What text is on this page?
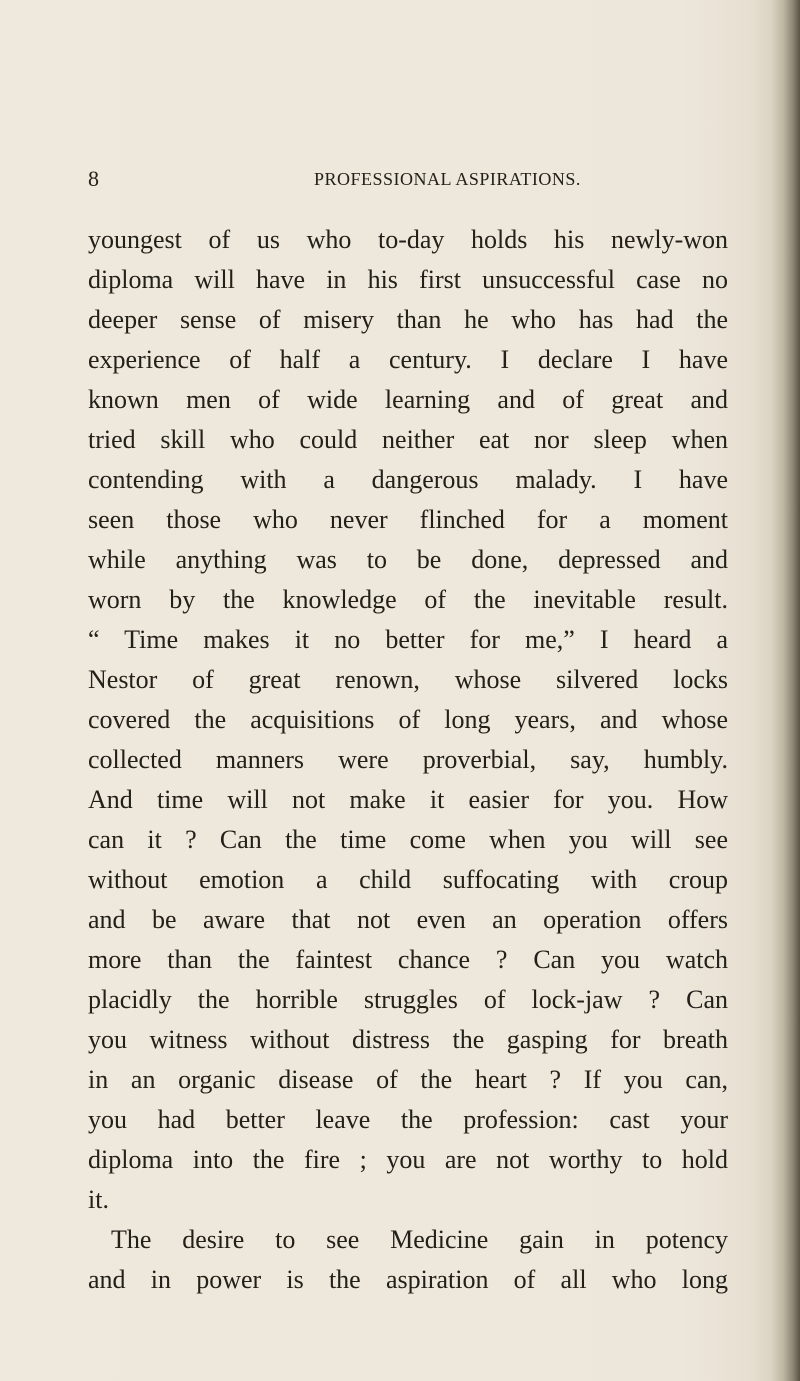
8	PROFESSIONAL ASPIRATIONS.
youngest of us who to-day holds his newly-won
diploma will have in his first unsuccessful case no
deeper sense of misery than he who has had the
experience of half a century. I declare I have
known men of wide learning and of great and
tried skill who could neither eat nor sleep when
contending with a dangerous malady. I have
seen those who never flinched for a moment
while anything was to be done, depressed and
worn by the knowledge of the inevitable result.
“ Time makes it no better for me,” I heard a
Nestor of great renown, whose silvered locks
covered the acquisitions of long years, and whose
collected manners were proverbial, say, humbly.
And time will not make it easier for you. How
can it ? Can the time come when you will see
without emotion a child suffocating with croup
and be aware that not even an operation offers
more than the faintest chance ? Can you watch
placidly the horrible struggles of lock-jaw ? Can
you witness without distress the gasping for breath
in an organic disease of the heart ? If you can,
you had better leave the profession: cast your
diploma into the fire ; you are not worthy to hold
it.
The desire to see Medicine gain in potency
and in power is the aspiration of all who long
